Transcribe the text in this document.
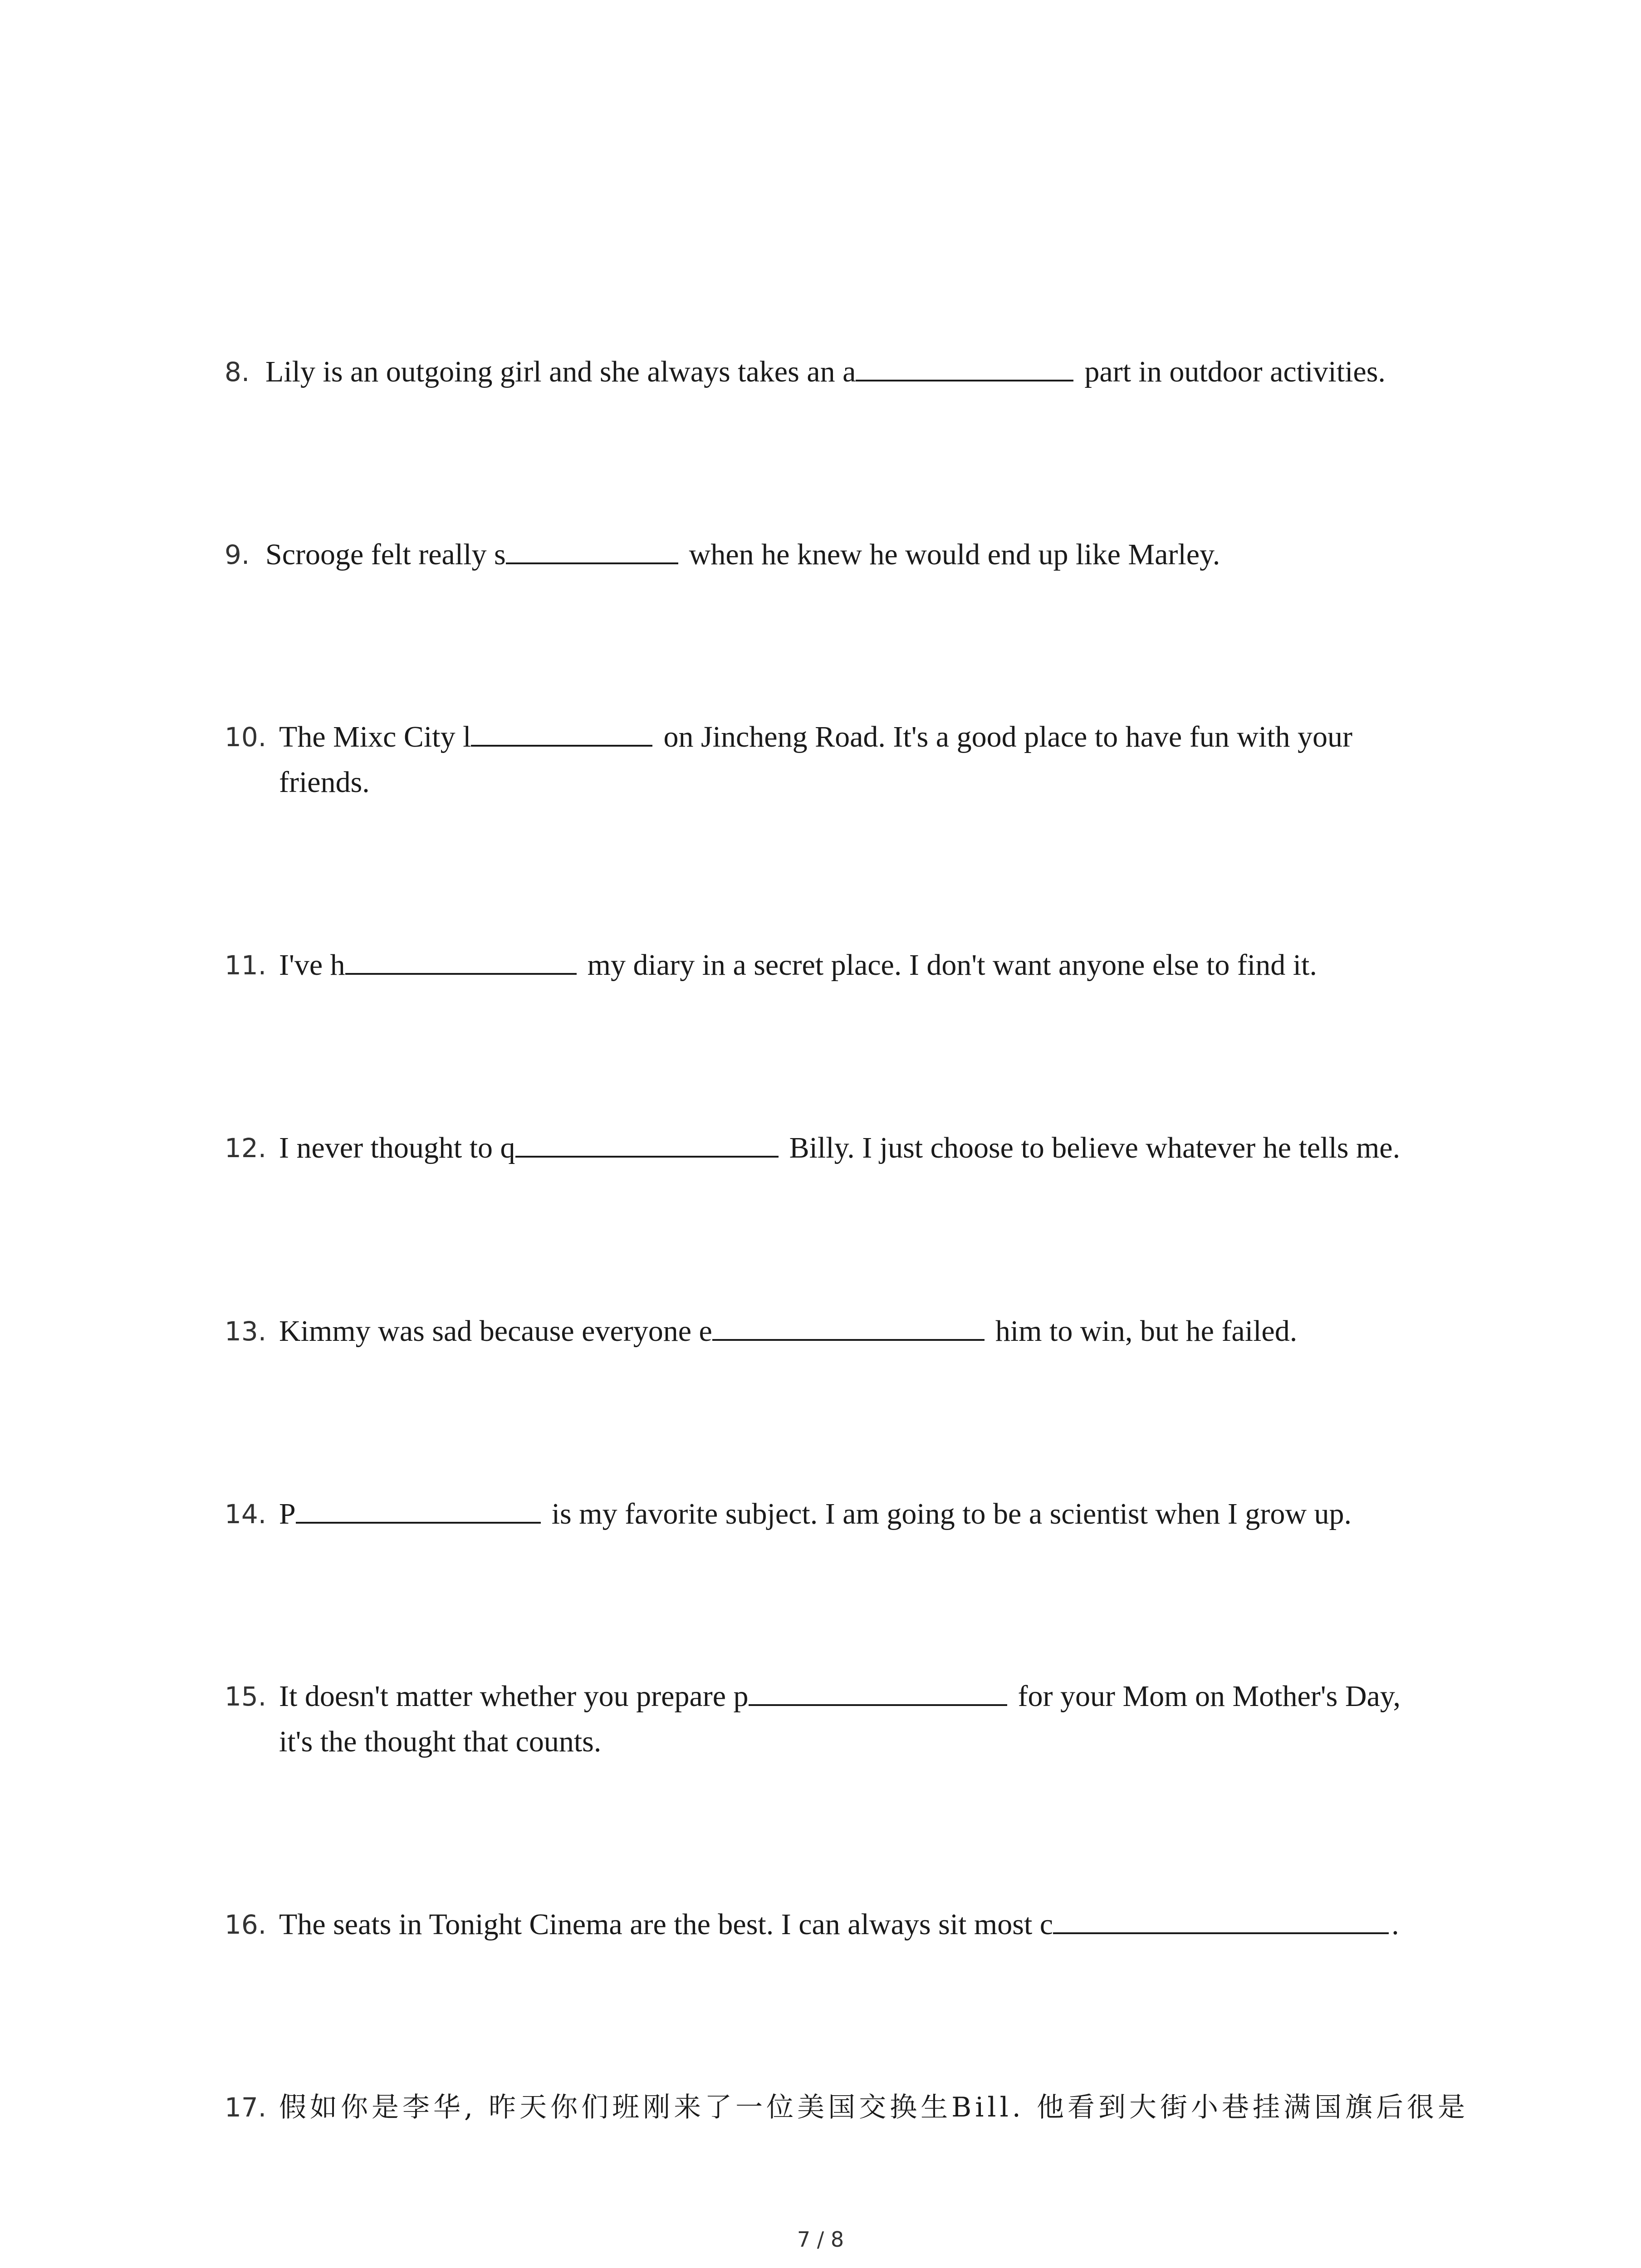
8. Lily is an outgoing girl and she always takes an a	part in outdoor activities.
9. Scrooge felt really s	when he knew he would end up like Marley.
10. The Mixc City l	on Jincheng Road. It's a good place to have fun with your
friends.
11. I've h	my diary in a secret place. I don't want anyone else to find it.
12. I never thought to q	Billy. I just choose to believe whatever he tells me.
13. Kimmy was sad because everyone e	him to win, but he failed.
14. P	is my favorite subject. I am going to be a scientist when I grow up.
15. It doesn't matter whether you prepare p	for your Mom on Mother's Day,
it's the thought that counts.
16. The seats in Tonight Cinema are the best. I can always sit most c	.
17. 假如你是李华, 昨天你们班刚来了一位美国交换生Bill. 他看到大街小巷挂满国旗后很是
7 / 8
